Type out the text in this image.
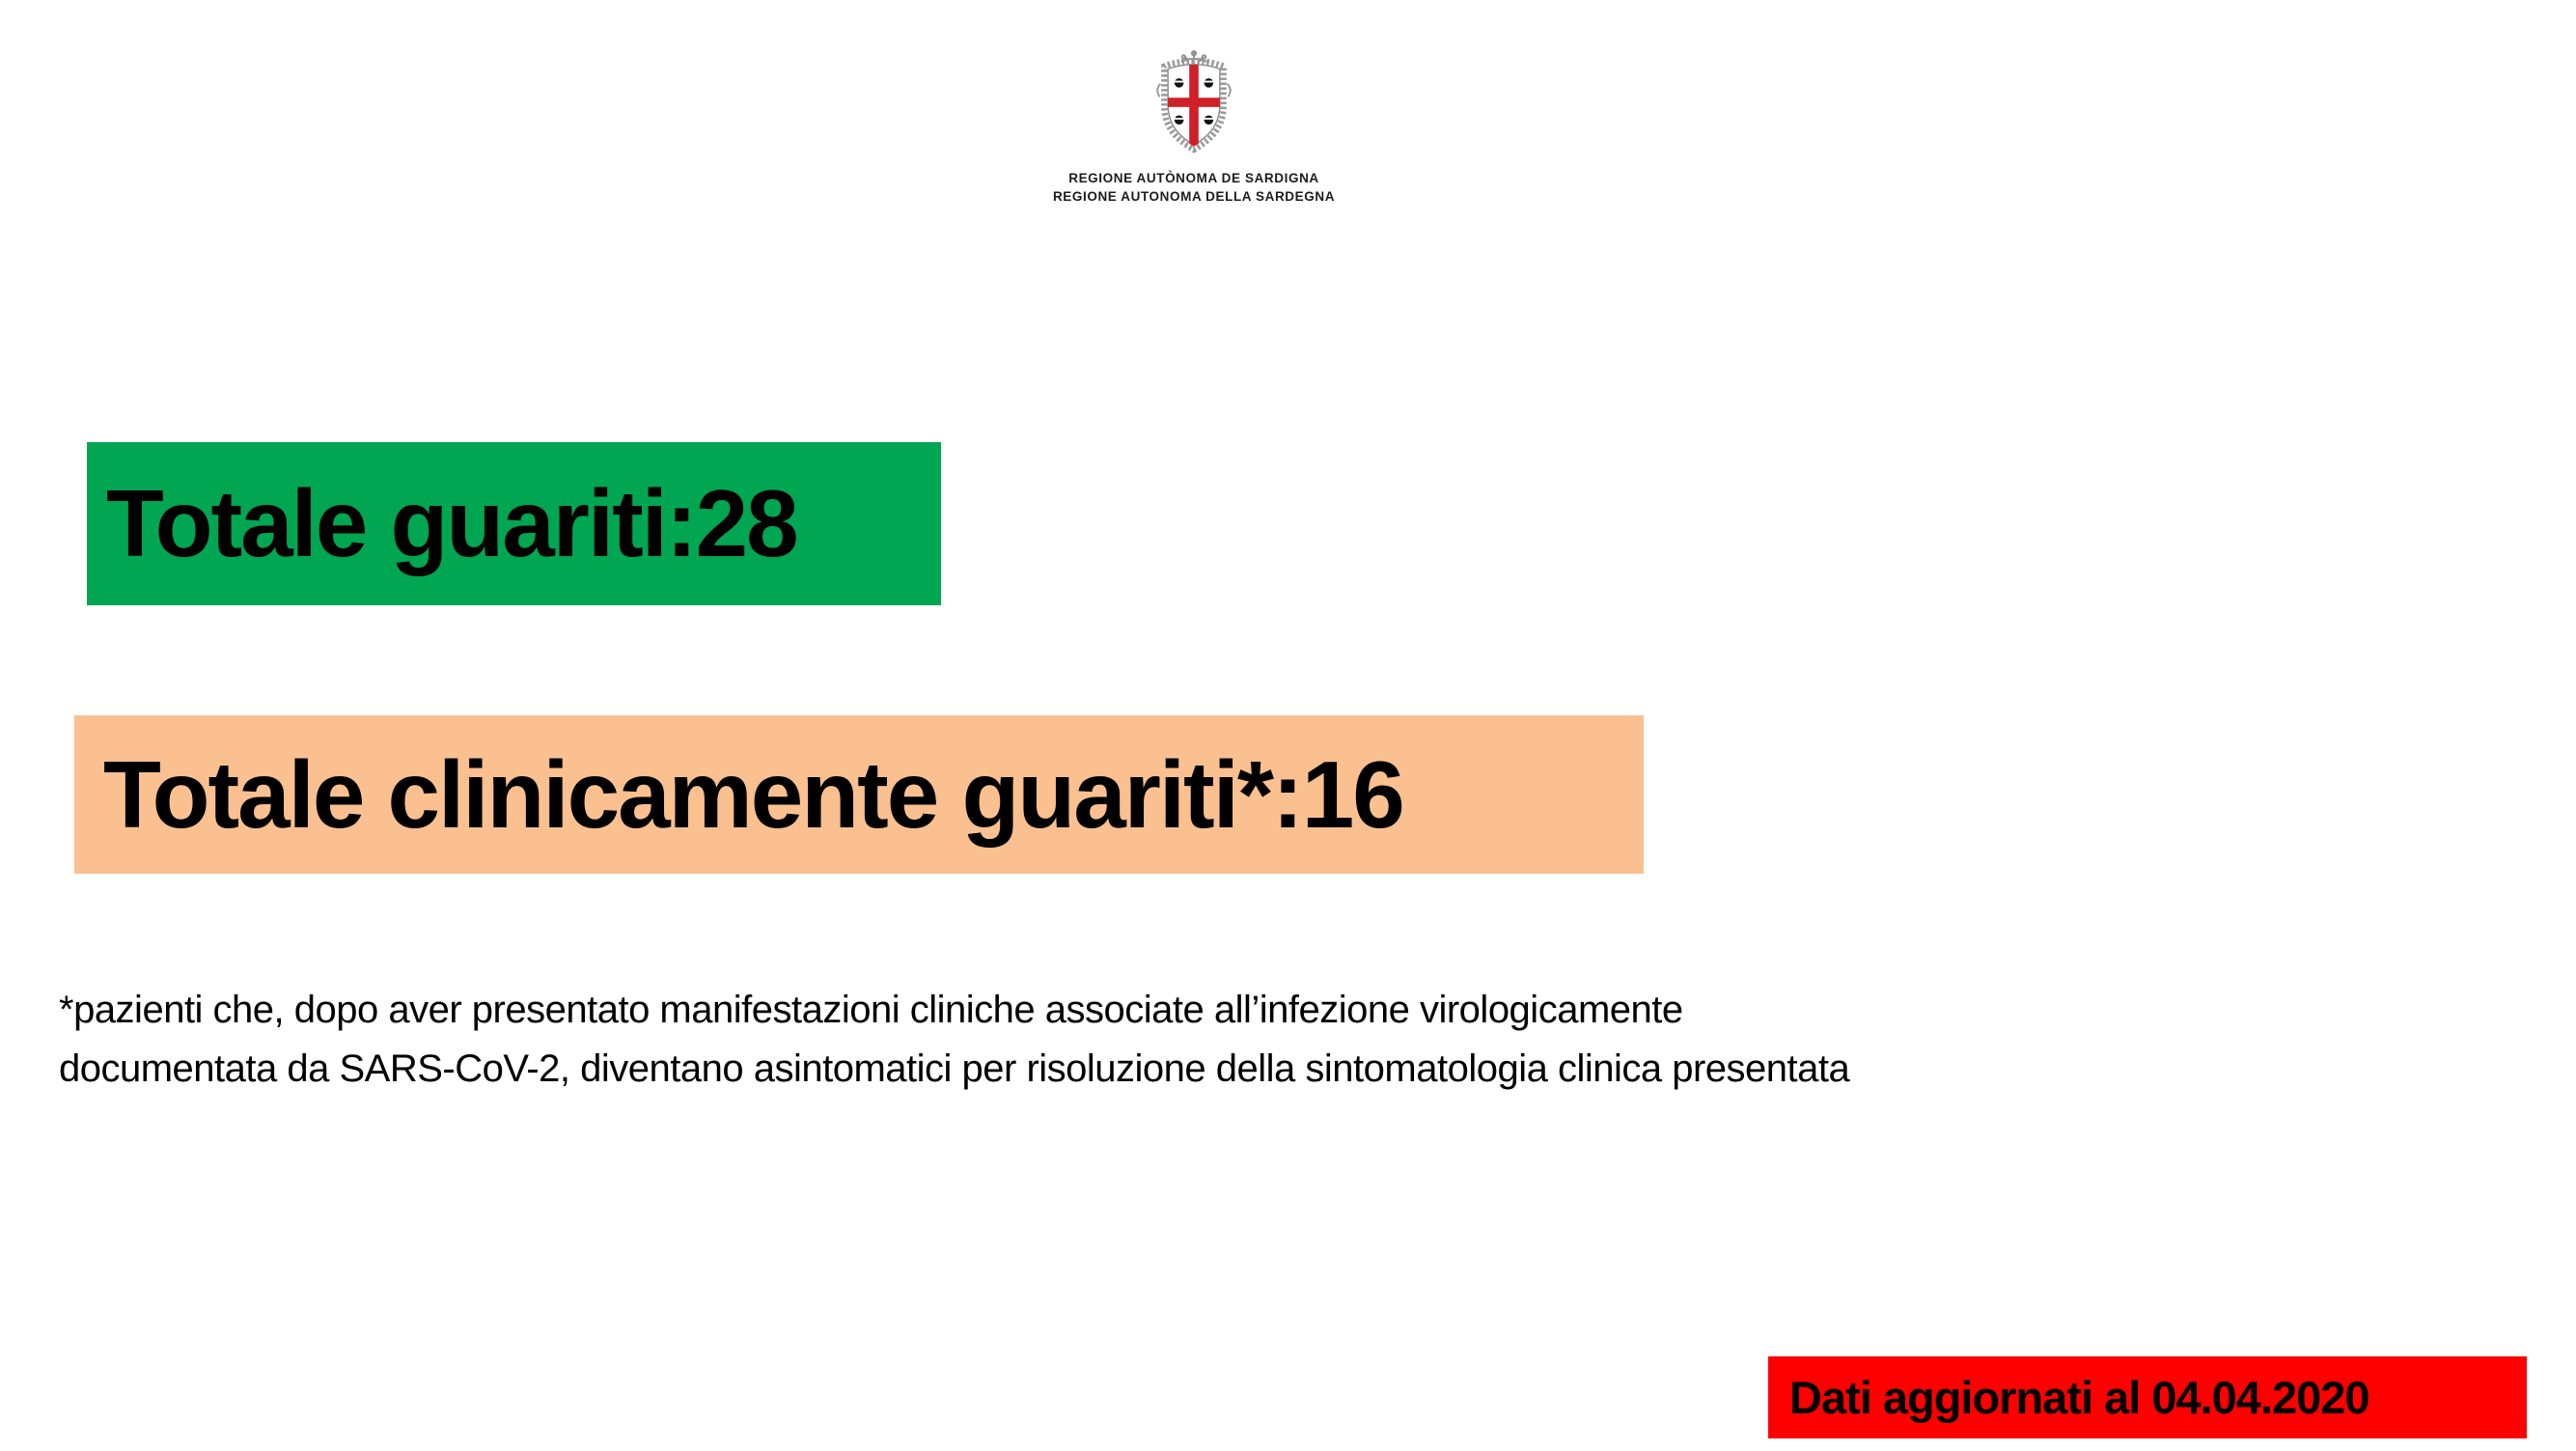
REGIONE AUTÒNOMA DE SARDIGNA
REGIONE AUTONOMA DELLA SARDEGNA
Totale guariti:28
Totale clinicamente guariti*:16
*pazienti che, dopo aver presentato manifestazioni cliniche associate all’infezione virologicamente
documentata da SARS-CoV-2, diventano asintomatici per risoluzione della sintomatologia clinica presentata
Dati aggiornati al 04.04.2020
